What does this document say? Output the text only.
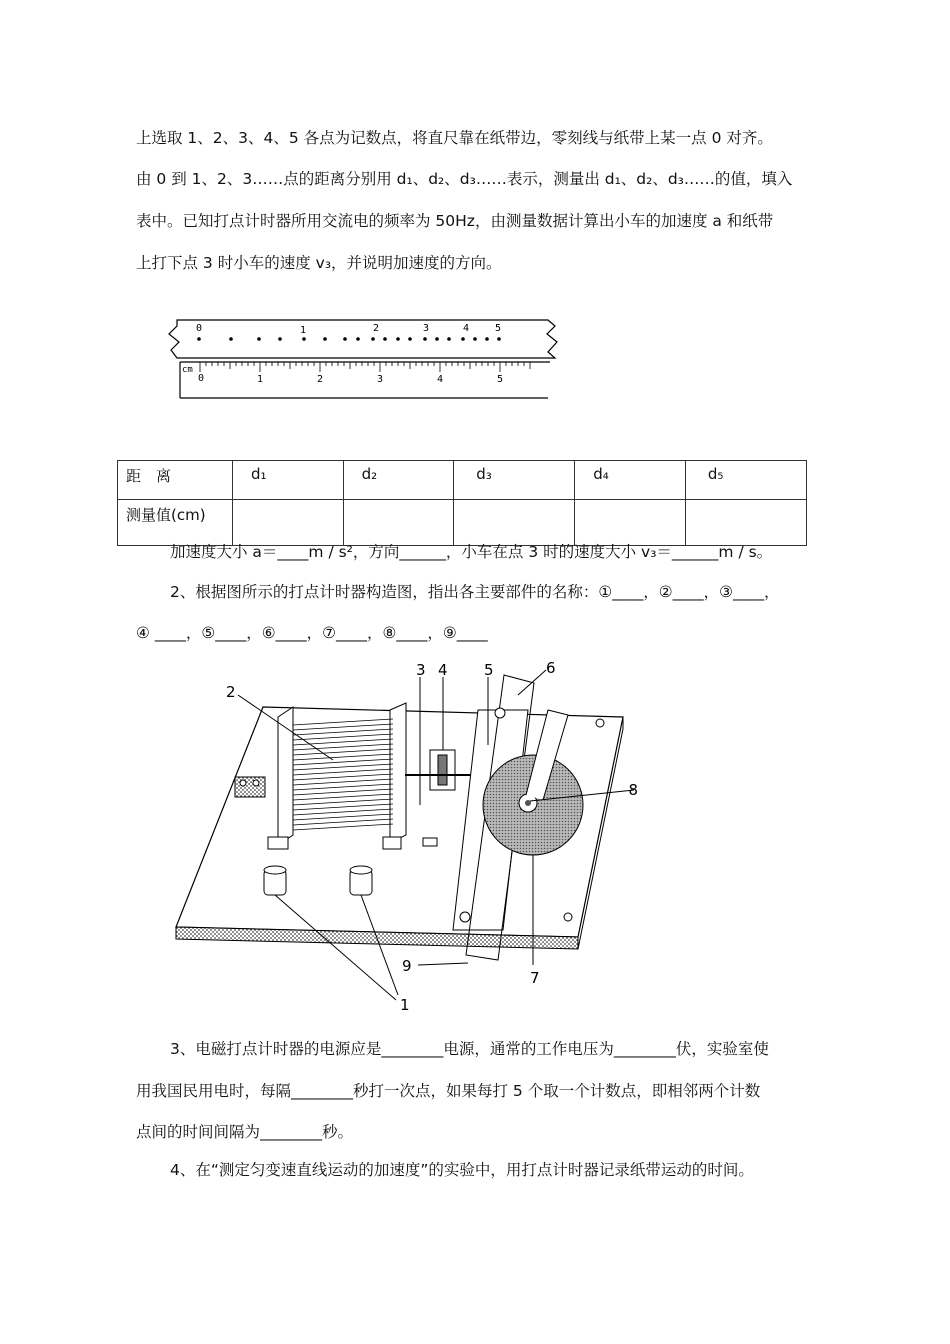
上选取 1、2、3、4、5 各点为记数点，将直尺靠在纸带边，零刻线与纸带上某一点 0 对齐。
由 0 到 1、2、3……点的距离分别用 d₁、d₂、d₃……表示，测量出 d₁、d₂、d₃……的值，填入
表中。已知打点计时器所用交流电的频率为 50Hz，由测量数据计算出小车的加速度 a 和纸带
上打下点 3 时小车的速度 v₃，并说明加速度的方向。
0	1	2	3	4	5
cm
0	1	2	3	4	5
距　离	d₁	d₂	d₃	d₄	d₅
测量值(cm)					
加速度大小 a＝____m / s²，方向______，小车在点 3 时的速度大小 v₃＝______m / s。
2、根据图所示的打点计时器构造图，指出各主要部件的名称：①____，②____，③____，
④ ____，⑤____，⑥____，⑦____，⑧____，⑨____
1
2
3 4 5	6
7
8
9
3、电磁打点计时器的电源应是________电源，通常的工作电压为________伏，实验室使
用我国民用电时，每隔________秒打一次点，如果每打 5 个取一个计数点，即相邻两个计数
点间的时间间隔为________秒。
4、在“测定匀变速直线运动的加速度”的实验中，用打点计时器记录纸带运动的时间。
